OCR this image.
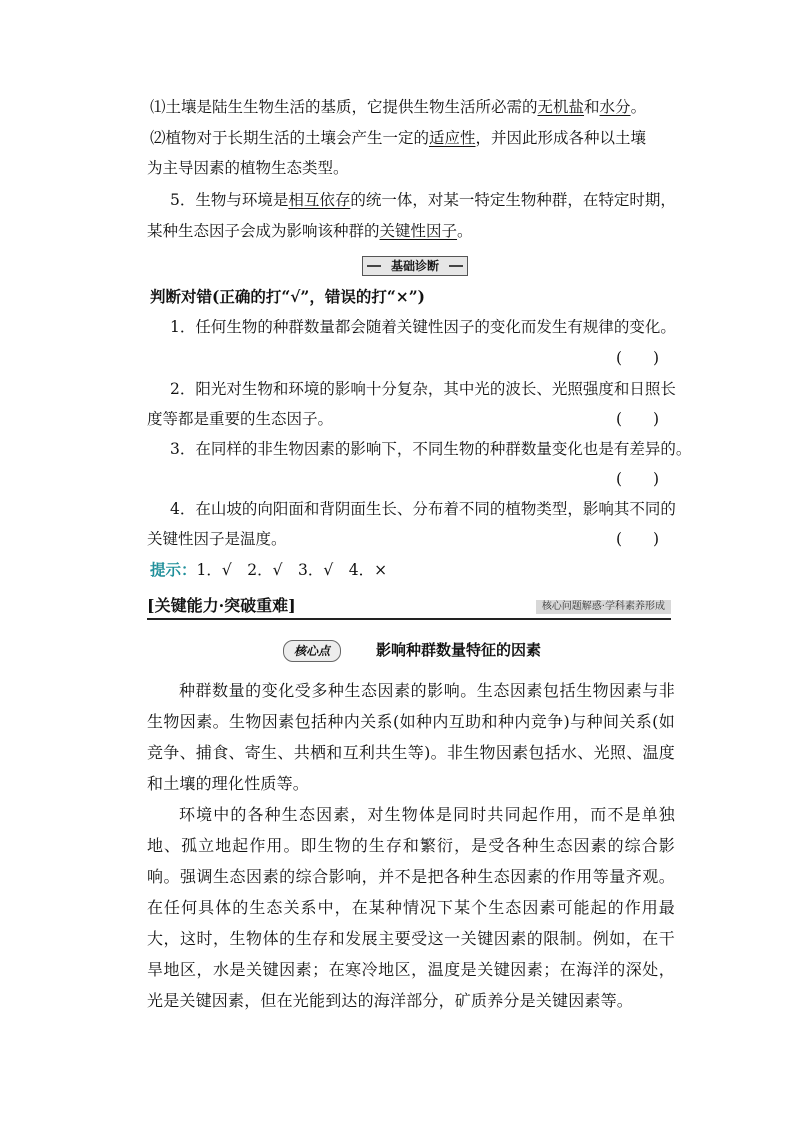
⑴土壤是陆生生物生活的基质，它提供生物生活所必需的无机盐和水分。
⑵植物对于长期生活的土壤会产生一定的适应性，并因此形成各种以土壤
为主导因素的植物生态类型。
5．生物与环境是相互依存的统一体，对某一特定生物种群，在特定时期，
某种生态因子会成为影响该种群的关键性因子。
基础诊断
判断对错(正确的打“√”，错误的打“×”)
1．任何生物的种群数量都会随着关键性因子的变化而发生有规律的变化。
(　　)
2．阳光对生物和环境的影响十分复杂，其中光的波长、光照强度和日照长
度等都是重要的生态因子。	(　　)
3．在同样的非生物因素的影响下，不同生物的种群数量变化也是有差异的。
(　　)
4．在山坡的向阳面和背阴面生长、分布着不同的植物类型，影响其不同的
关键性因子是温度。	(　　)
提示：1．√　2．√　3．√　4．×
[关键能力·突破重难]	核心问题解惑·学科素养形成
核心点	影响种群数量特征的因素
种群数量的变化受多种生态因素的影响。生态因素包括生物因素与非生物因素。生物因素包括种内关系(如种内互助和种内竞争)与种间关系(如竞争、捕食、寄生、共栖和互利共生等)。非生物因素包括水、光照、温度和土壤的理化性质等。
环境中的各种生态因素，对生物体是同时共同起作用，而不是单独地、孤立地起作用。即生物的生存和繁衍，是受各种生态因素的综合影响。强调生态因素的综合影响，并不是把各种生态因素的作用等量齐观。在任何具体的生态关系中，在某种情况下某个生态因素可能起的作用最大，这时，生物体的生存和发展主要受这一关键因素的限制。例如，在干旱地区，水是关键因素；在寒冷地区，温度是关键因素；在海洋的深处，光是关键因素，但在光能到达的海洋部分，矿质养分是关键因素等。
